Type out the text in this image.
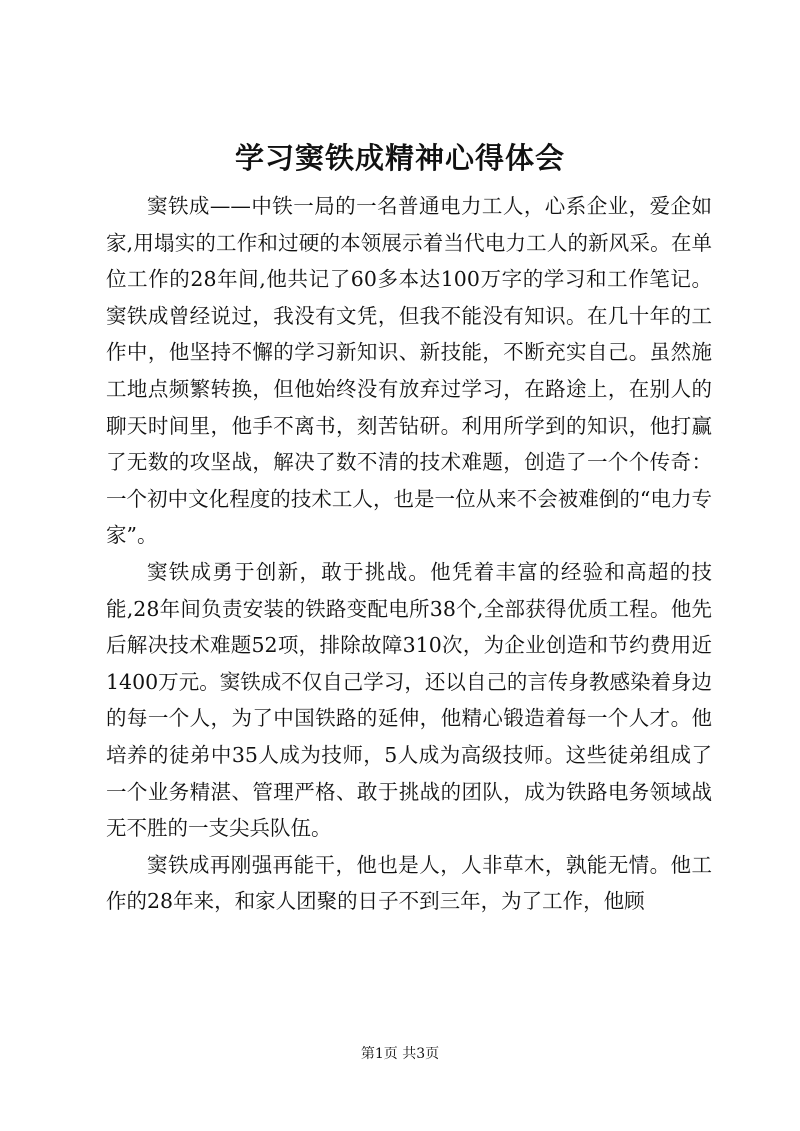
学习窦铁成精神心得体会

窦铁成——中铁一局的一名普通电力工人，心系企业，爱企如家,用塌实的工作和过硬的本领展示着当代电力工人的新风采。在单位工作的28年间,他共记了60多本达100万字的学习和工作笔记。窦铁成曾经说过，我没有文凭，但我不能没有知识。在几十年的工作中，他坚持不懈的学习新知识、新技能，不断充实自己。虽然施工地点频繁转换，但他始终没有放弃过学习，在路途上，在别人的聊天时间里，他手不离书，刻苦钻研。利用所学到的知识，他打赢了无数的攻坚战，解决了数不清的技术难题，创造了一个个传奇：一个初中文化程度的技术工人，也是一位从来不会被难倒的“电力专家”。

窦铁成勇于创新，敢于挑战。他凭着丰富的经验和高超的技能,28年间负责安装的铁路变配电所38个,全部获得优质工程。他先后解决技术难题52项，排除故障310次，为企业创造和节约费用近1400万元。窦铁成不仅自己学习，还以自己的言传身教感染着身边的每一个人，为了中国铁路的延伸，他精心锻造着每一个人才。他培养的徒弟中35人成为技师，5人成为高级技师。这些徒弟组成了一个业务精湛、管理严格、敢于挑战的团队，成为铁路电务领域战无不胜的一支尖兵队伍。

窦铁成再刚强再能干，他也是人，人非草木，孰能无情。他工作的28年来，和家人团聚的日子不到三年，为了工作，他顾

第1页 共3页
